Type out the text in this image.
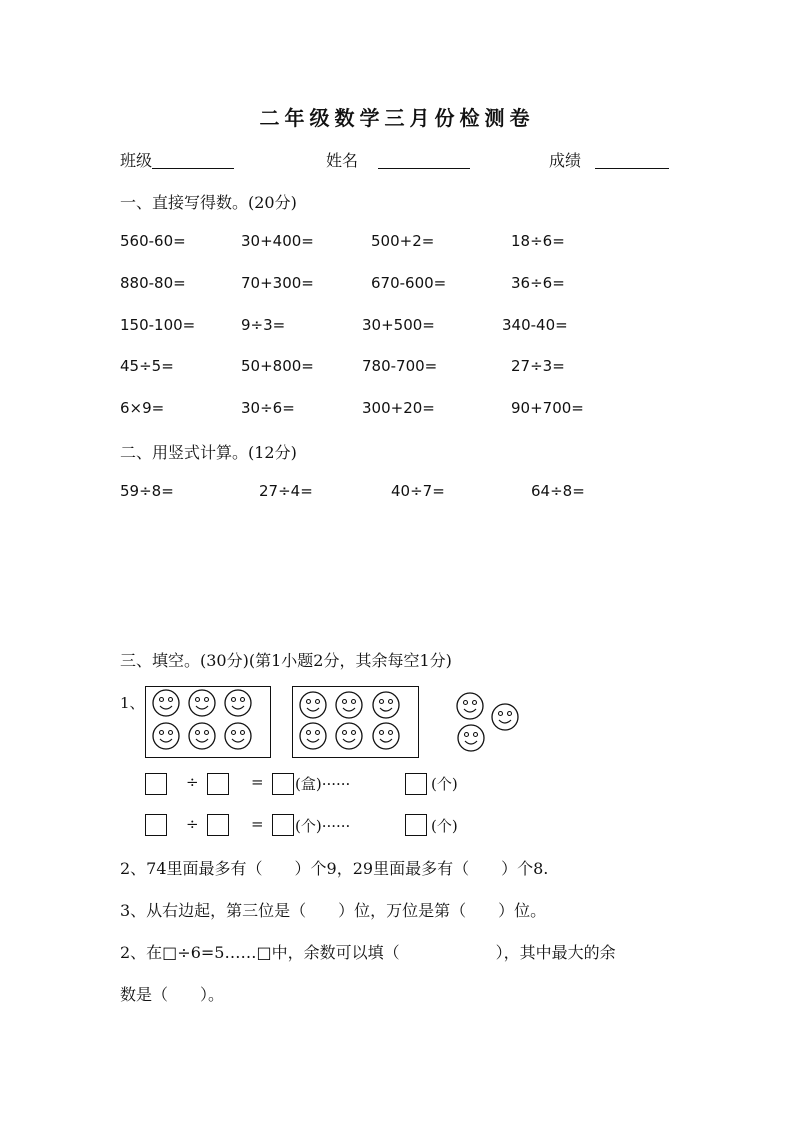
二年级数学三月份检测卷
班级	姓名	成绩
一、直接写得数。(20分)
560-60=	30+400=	500+2=	18÷6=
880-80=	70+300=	670-600=	36÷6=
150-100=	9÷3=	30+500=	340-40=
45÷5=	50+800=	780-700=	27÷3=
6×9=	30÷6=	300+20=	90+700=
二、用竖式计算。(12分)
59÷8=	27÷4=	40÷7=	64÷8=
三、填空。(30分)(第1小题2分，其余每空1分)
1、
÷	= (盒)······	(个)
÷	= (个)······	(个)
2、74里面最多有（　　）个9，29里面最多有（　　）个8.
3、从右边起，第三位是（　　）位，万位是第（　　）位。
2、在□÷6=5……□中，余数可以填（　　　　　　），其中最大的余
数是（　　）。
